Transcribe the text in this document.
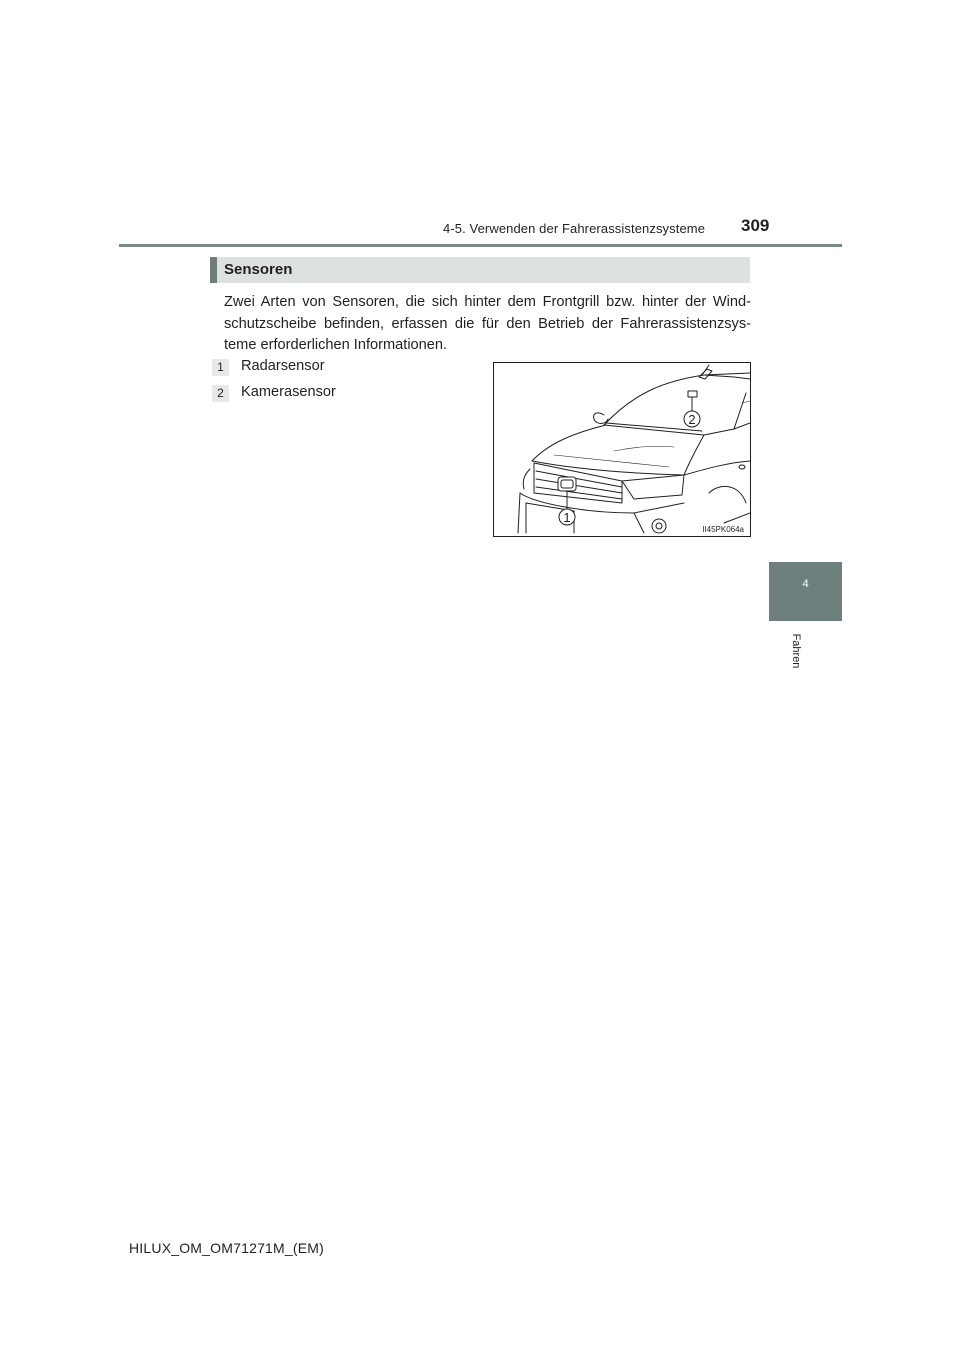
4-5. Verwenden der Fahrerassistenzsysteme 309
4
Fahren
Sensoren
Zwei Arten von Sensoren, die sich hinter dem Frontgrill bzw. hinter der Wind-schutzscheibe befinden, erfassen die für den Betrieb der Fahrerassistenzsys-teme erforderlichen Informationen.
1	Radarsensor
2	Kamerasensor
2
1
II45PK064a
HILUX_OM_OM71271M_(EM)
